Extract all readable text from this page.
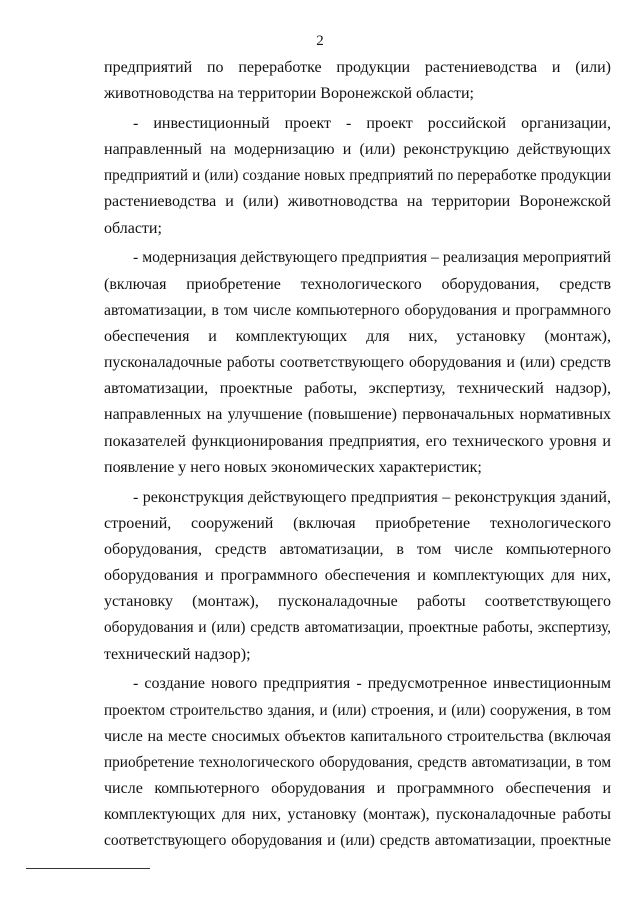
2
предприятий по переработке продукции растениеводства и (или)
животноводства на территории Воронежской области;
- инвестиционный проект - проект российской организации,
направленный на модернизацию и (или) реконструкцию действующих
предприятий и (или) создание новых предприятий по переработке продукции
растениеводства и (или) животноводства на территории Воронежской
области;
- модернизация действующего предприятия – реализация мероприятий
(включая приобретение технологического оборудования, средств
автоматизации, в том числе компьютерного оборудования и программного
обеспечения и комплектующих для них, установку (монтаж),
пусконаладочные работы соответствующего оборудования и (или) средств
автоматизации, проектные работы, экспертизу, технический надзор),
направленных на улучшение (повышение) первоначальных нормативных
показателей функционирования предприятия, его технического уровня и
появление у него новых экономических характеристик;
- реконструкция действующего предприятия – реконструкция зданий,
строений, сооружений (включая приобретение технологического
оборудования, средств автоматизации, в том числе компьютерного
оборудования и программного обеспечения и комплектующих для них,
установку (монтаж), пусконаладочные работы соответствующего
оборудования и (или) средств автоматизации, проектные работы, экспертизу,
технический надзор);
- создание нового предприятия - предусмотренное инвестиционным
проектом строительство здания, и (или) строения, и (или) сооружения, в том
числе на месте сносимых объектов капитального строительства (включая
приобретение технологического оборудования, средств автоматизации, в том
числе компьютерного оборудования и программного обеспечения и
комплектующих для них, установку (монтаж), пусконаладочные работы
соответствующего оборудования и (или) средств автоматизации, проектные
